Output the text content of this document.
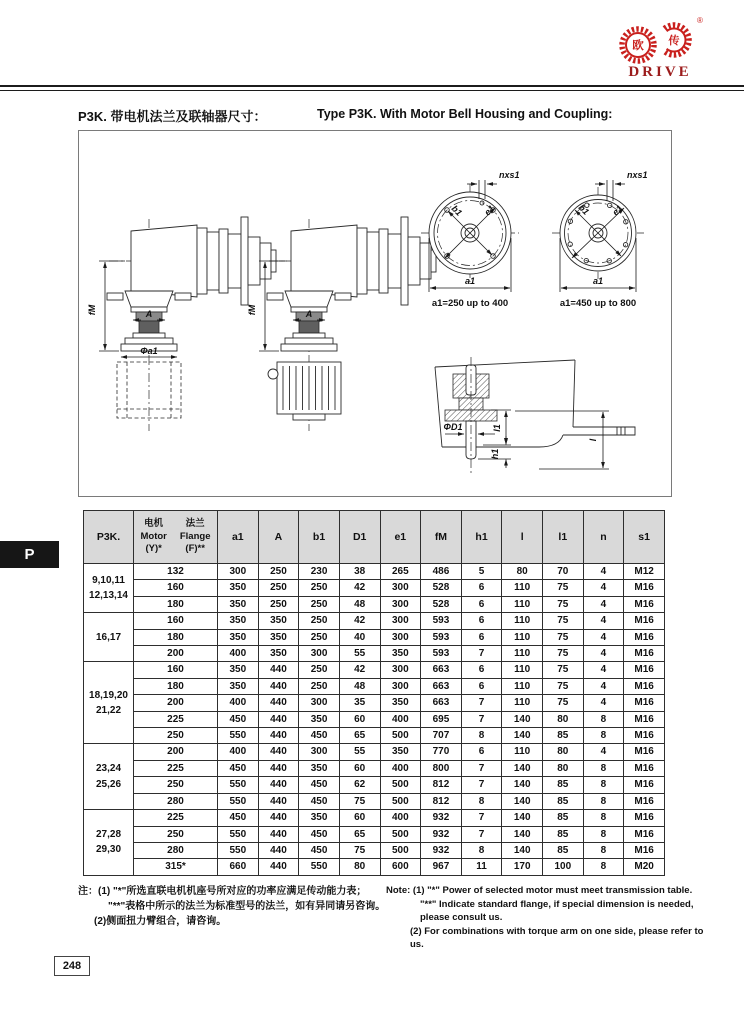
传
®
欧
DRIVE
P3K. 带电机法兰及联轴器尺寸：	Type P3K. With Motor Bell Housing and Coupling:
Φa1
b1 e1
nxs1
a1
a1=250 up to 400
b1 e1
nxs1
a1
a1=450 up to 800
ΦD1	l1
h1
l
P
P3K.	
电机
Motor
(Y)*
法兰
Flange
(F)**
	a1	A	b1	D1	e1	fM	h1	l	l1	n	s1

9,10,11
12,13,14	132	300	250	230	38	265	486	5	80	70	4	M12
	160	350	250	250	42	300	528	6	110	75	4	M16
	180	350	250	250	48	300	528	6	110	75	4	M16

16,17	160	350	350	250	42	300	593	6	110	75	4	M16
	180	350	350	250	40	300	593	6	110	75	4	M16
	200	400	350	300	55	350	593	7	110	75	4	M16

18,19,20
21,22	160	350	440	250	42	300	663	6	110	75	4	M16
	180	350	440	250	48	300	663	6	110	75	4	M16
	200	400	440	300	35	350	663	7	110	75	4	M16
	225	450	440	350	60	400	695	7	140	80	8	M16
	250	550	440	450	65	500	707	8	140	85	8	M16

23,24
25,26	200	400	440	300	55	350	770	6	110	80	4	M16
	225	450	440	350	60	400	800	7	140	80	8	M16
	250	550	440	450	62	500	812	7	140	85	8	M16
	280	550	440	450	75	500	812	8	140	85	8	M16

27,28
29,30	225	450	440	350	60	400	932	7	140	85	8	M16
	250	550	440	450	65	500	932	7	140	85	8	M16
	280	550	440	450	75	500	932	8	140	85	8	M16
	315*	660	440	550	80	600	967	11	170	100	8	M20
注：(1) "*"所选直联电机机座号所对应的功率应满足传动能力表；
"**"表格中所示的法兰为标准型号的法兰，如有异同请另咨询。
(2)侧面扭力臂组合，请咨询。
Note: (1) "*" Power of selected motor must meet transmission table.
"**" Indicate standard flange, if special dimension is needed,
please consult us.
(2) For combinations with torque arm on one side, please refer to us.
248
